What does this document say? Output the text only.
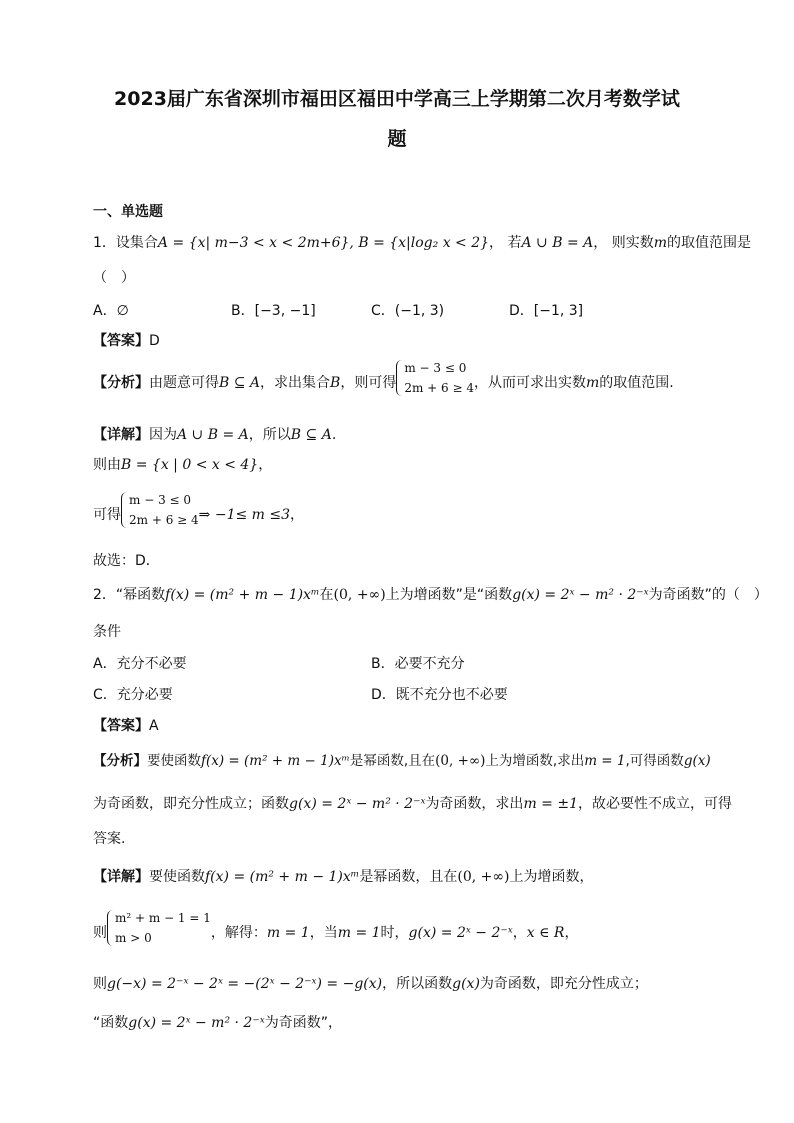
2023届广东省深圳市福田区福田中学高三上学期第二次月考数学试
题
一、单选题
1．设集合A = {x| m−3 < x < 2m+6}, B = {x|log₂ x < 2}， 若A ∪ B = A， 则实数m的取值范围是
（　）
A．∅	B．[−3, −1]	C．(−1, 3)	D．[−1, 3]
【答案】D
【分析】由题意可得B ⊆ A，求出集合B，则可得
m − 3 ≤ 0
2m + 6 ≥ 4 ，从而可求出实数m的取值范围.
【详解】因为A ∪ B = A，所以B ⊆ A.
则由B = {x | 0 < x < 4}，
可得
m − 3 ≤ 0
2m + 6 ≥ 4 ⇒ −1≤ m ≤3，
故选：D．
2．“幂函数f(x) = (m² + m − 1)xᵐ在(0, +∞)上为增函数”是“函数g(x) = 2ˣ − m² · 2⁻ˣ为奇函数”的（　）
条件
A．充分不必要	B．必要不充分
C．充分必要	D．既不充分也不必要
【答案】A
【分析】要使函数f(x) = (m² + m − 1)xᵐ是幂函数,且在(0, +∞)上为增函数,求出m = 1,可得函数g(x)
为奇函数，即充分性成立；函数g(x) = 2ˣ − m² · 2⁻ˣ为奇函数，求出m = ±1，故必要性不成立，可得
答案.
【详解】要使函数f(x) = (m² + m − 1)xᵐ是幂函数，且在(0, +∞)上为增函数，
则
m² + m − 1 = 1
m > 0	，解得：m = 1，当m = 1时，g(x) = 2ˣ − 2⁻ˣ，x ∈ R，
则g(−x) = 2⁻ˣ − 2ˣ = −(2ˣ − 2⁻ˣ) = −g(x)，所以函数g(x)为奇函数，即充分性成立；
“函数g(x) = 2ˣ − m² · 2⁻ˣ为奇函数”，
